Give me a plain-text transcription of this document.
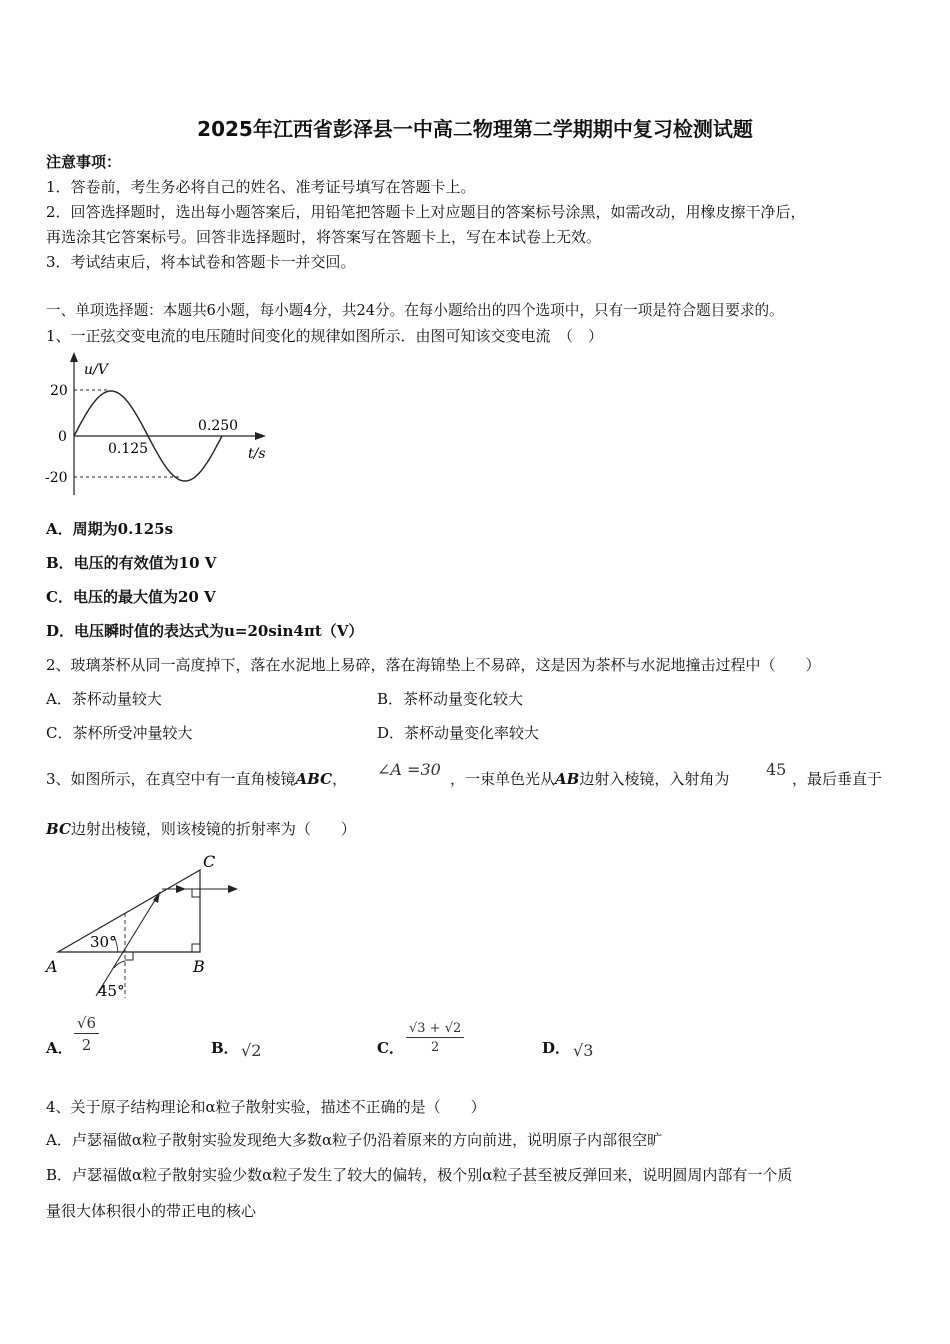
2025年江西省彭泽县一中高二物理第二学期期中复习检测试题
注意事项：
1．答卷前，考生务必将自己的姓名、准考证号填写在答题卡上。
2．回答选择题时，选出每小题答案后，用铅笔把答题卡上对应题目的答案标号涂黑，如需改动，用橡皮擦干净后，
再选涂其它答案标号。回答非选择题时，将答案写在答题卡上，写在本试卷上无效。
3．考试结束后，将本试卷和答题卡一并交回。
一、单项选择题：本题共6小题，每小题4分，共24分。在每小题给出的四个选项中，只有一项是符合题目要求的。
1、一正弦交变电流的电压随时间变化的规律如图所示．由图可知该交变电流　（　）
u/V
t/s
20
0
-20
0.125
0.250
A．周期为0.125s
B．电压的有效值为10 V
C．电压的最大值为20 V
D．电压瞬时值的表达式为u=20sin4πt（V）
2、玻璃茶杯从同一高度掉下，落在水泥地上易碎，落在海锦垫上不易碎，这是因为茶杯与水泥地撞击过程中（　　）
A．茶杯动量较大	B．茶杯动量变化较大
C．茶杯所受冲量较大	D．茶杯动量变化率较大
3、如图所示，在真空中有一直角棱镜ABC， ∠A =30 ，一束单色光从AB边射入棱镜，入射角为 45 ，最后垂直于
BC边射出棱镜，则该棱镜的折射率为（　　）
A	B
C
30°
45°
A． $\frac{√6}{2}$	B． √2	C． $\frac{√3 + √2}{2}$	D． √3
4、关于原子结构理论和α粒子散射实验，描述不正确的是（　　）
A．卢瑟福做α粒子散射实验发现绝大多数α粒子仍沿着原来的方向前进，说明原子内部很空旷
B．卢瑟福做α粒子散射实验少数α粒子发生了较大的偏转，极个别α粒子甚至被反弹回来，说明圆周内部有一个质
量很大体积很小的带正电的核心
